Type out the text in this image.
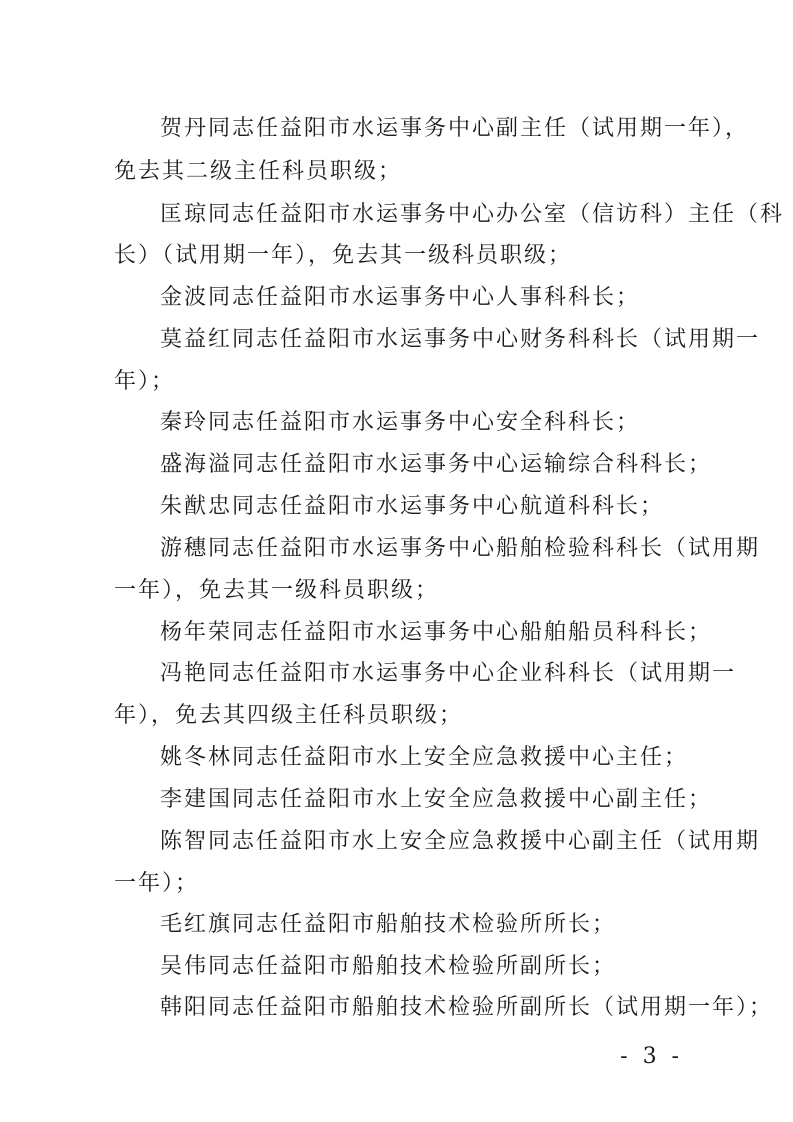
贺丹同志任益阳市水运事务中心副主任（试用期一年），
免去其二级主任科员职级；
匡琼同志任益阳市水运事务中心办公室（信访科）主任（科
长）（试用期一年），免去其一级科员职级；
金波同志任益阳市水运事务中心人事科科长；
莫益红同志任益阳市水运事务中心财务科科长（试用期一
年）；
秦玲同志任益阳市水运事务中心安全科科长；
盛海溢同志任益阳市水运事务中心运输综合科科长；
朱猷忠同志任益阳市水运事务中心航道科科长；
游穗同志任益阳市水运事务中心船舶检验科科长（试用期
一年），免去其一级科员职级；
杨年荣同志任益阳市水运事务中心船舶船员科科长；
冯艳同志任益阳市水运事务中心企业科科长（试用期一
年），免去其四级主任科员职级；
姚冬林同志任益阳市水上安全应急救援中心主任；
李建国同志任益阳市水上安全应急救援中心副主任；
陈智同志任益阳市水上安全应急救援中心副主任（试用期
一年）；
毛红旗同志任益阳市船舶技术检验所所长；
吴伟同志任益阳市船舶技术检验所副所长；
韩阳同志任益阳市船舶技术检验所副所长（试用期一年）；
- 3 -
